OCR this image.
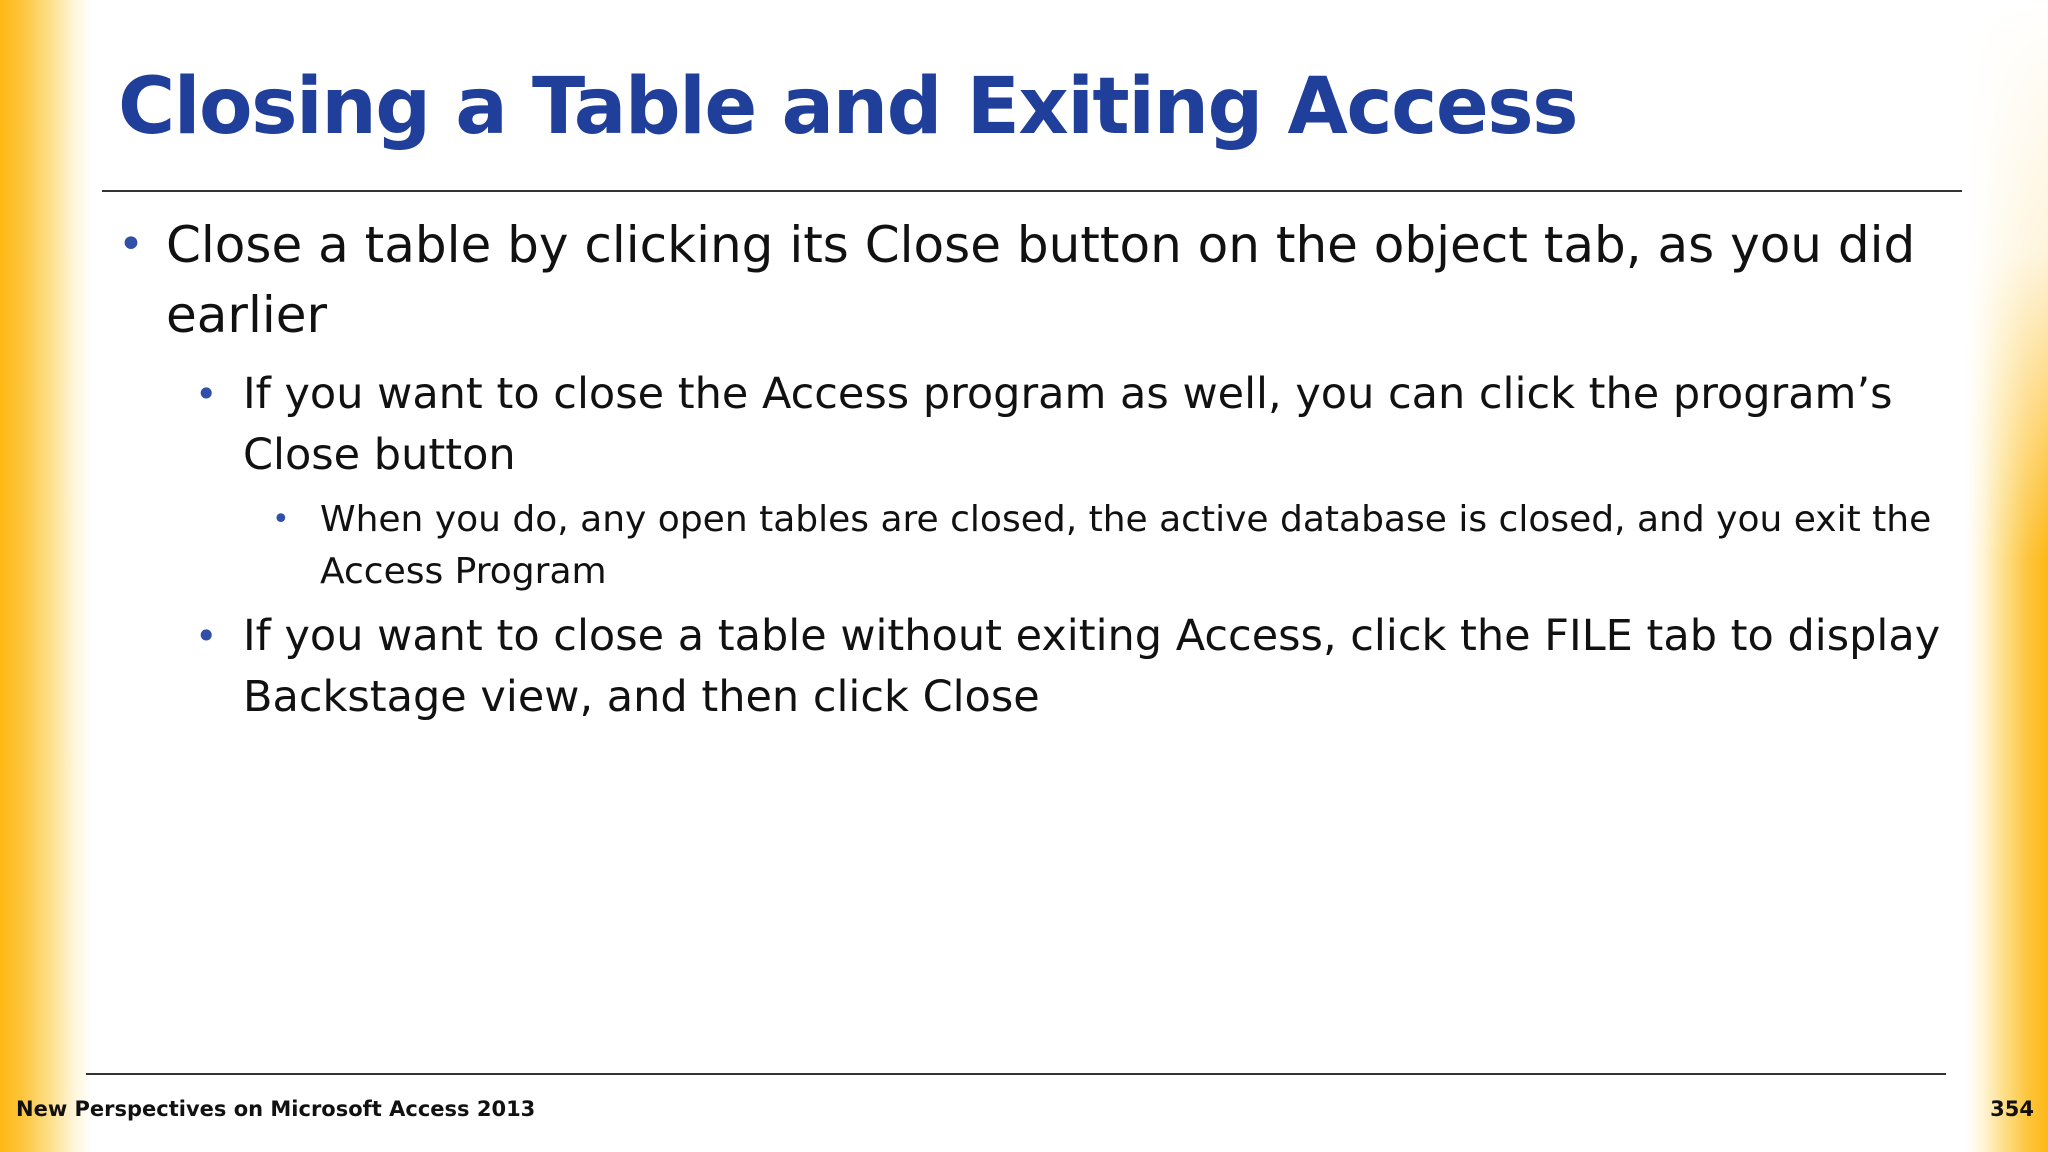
Closing a Table and Exiting Access
• Close a table by clicking its Close button on the object tab, as you did earlier
• If you want to close the Access program as well, you can click the program’s Close button
• When you do, any open tables are closed, the active database is closed, and you exit the Access Program
• If you want to close a table without exiting Access, click the FILE tab to display Backstage view, and then click Close
New Perspectives on Microsoft Access 2013	354
